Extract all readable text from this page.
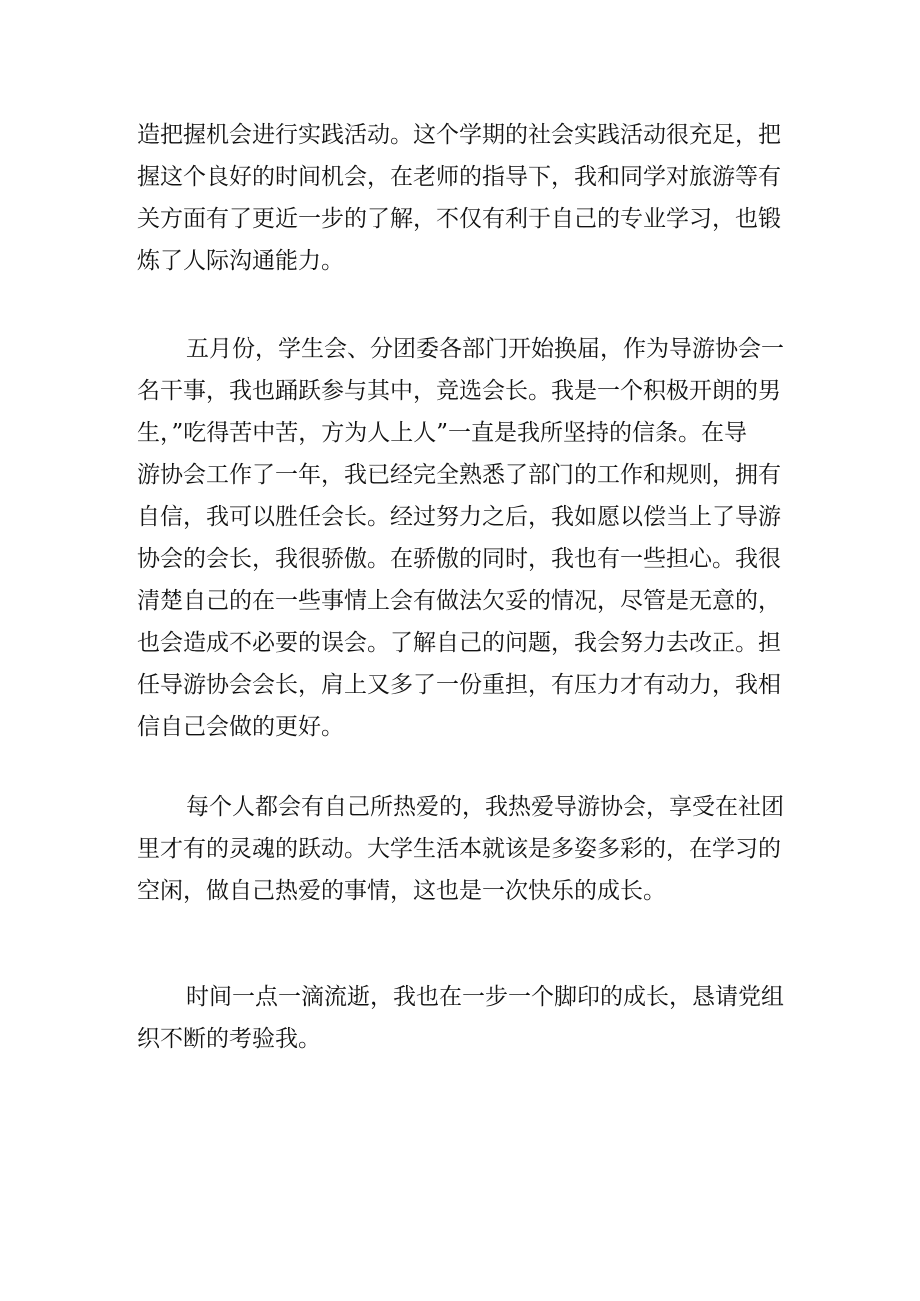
造把握机会进行实践活动。这个学期的社会实践活动很充足，把
握这个良好的时间机会，在老师的指导下，我和同学对旅游等有
关方面有了更近一步的了解，不仅有利于自己的专业学习，也锻
炼了人际沟通能力。
五月份，学生会、分团委各部门开始换届，作为导游协会一
名干事，我也踊跃参与其中，竞选会长。我是一个积极开朗的男
生，”吃得苦中苦，方为人上人”一直是我所坚持的信条。在导
游协会工作了一年，我已经完全熟悉了部门的工作和规则，拥有
自信，我可以胜任会长。经过努力之后，我如愿以偿当上了导游
协会的会长，我很骄傲。在骄傲的同时，我也有一些担心。我很
清楚自己的在一些事情上会有做法欠妥的情况，尽管是无意的，
也会造成不必要的误会。了解自己的问题，我会努力去改正。担
任导游协会会长，肩上又多了一份重担，有压力才有动力，我相
信自己会做的更好。
每个人都会有自己所热爱的，我热爱导游协会，享受在社团
里才有的灵魂的跃动。大学生活本就该是多姿多彩的，在学习的
空闲，做自己热爱的事情，这也是一次快乐的成长。
时间一点一滴流逝，我也在一步一个脚印的成长，恳请党组
织不断的考验我。
